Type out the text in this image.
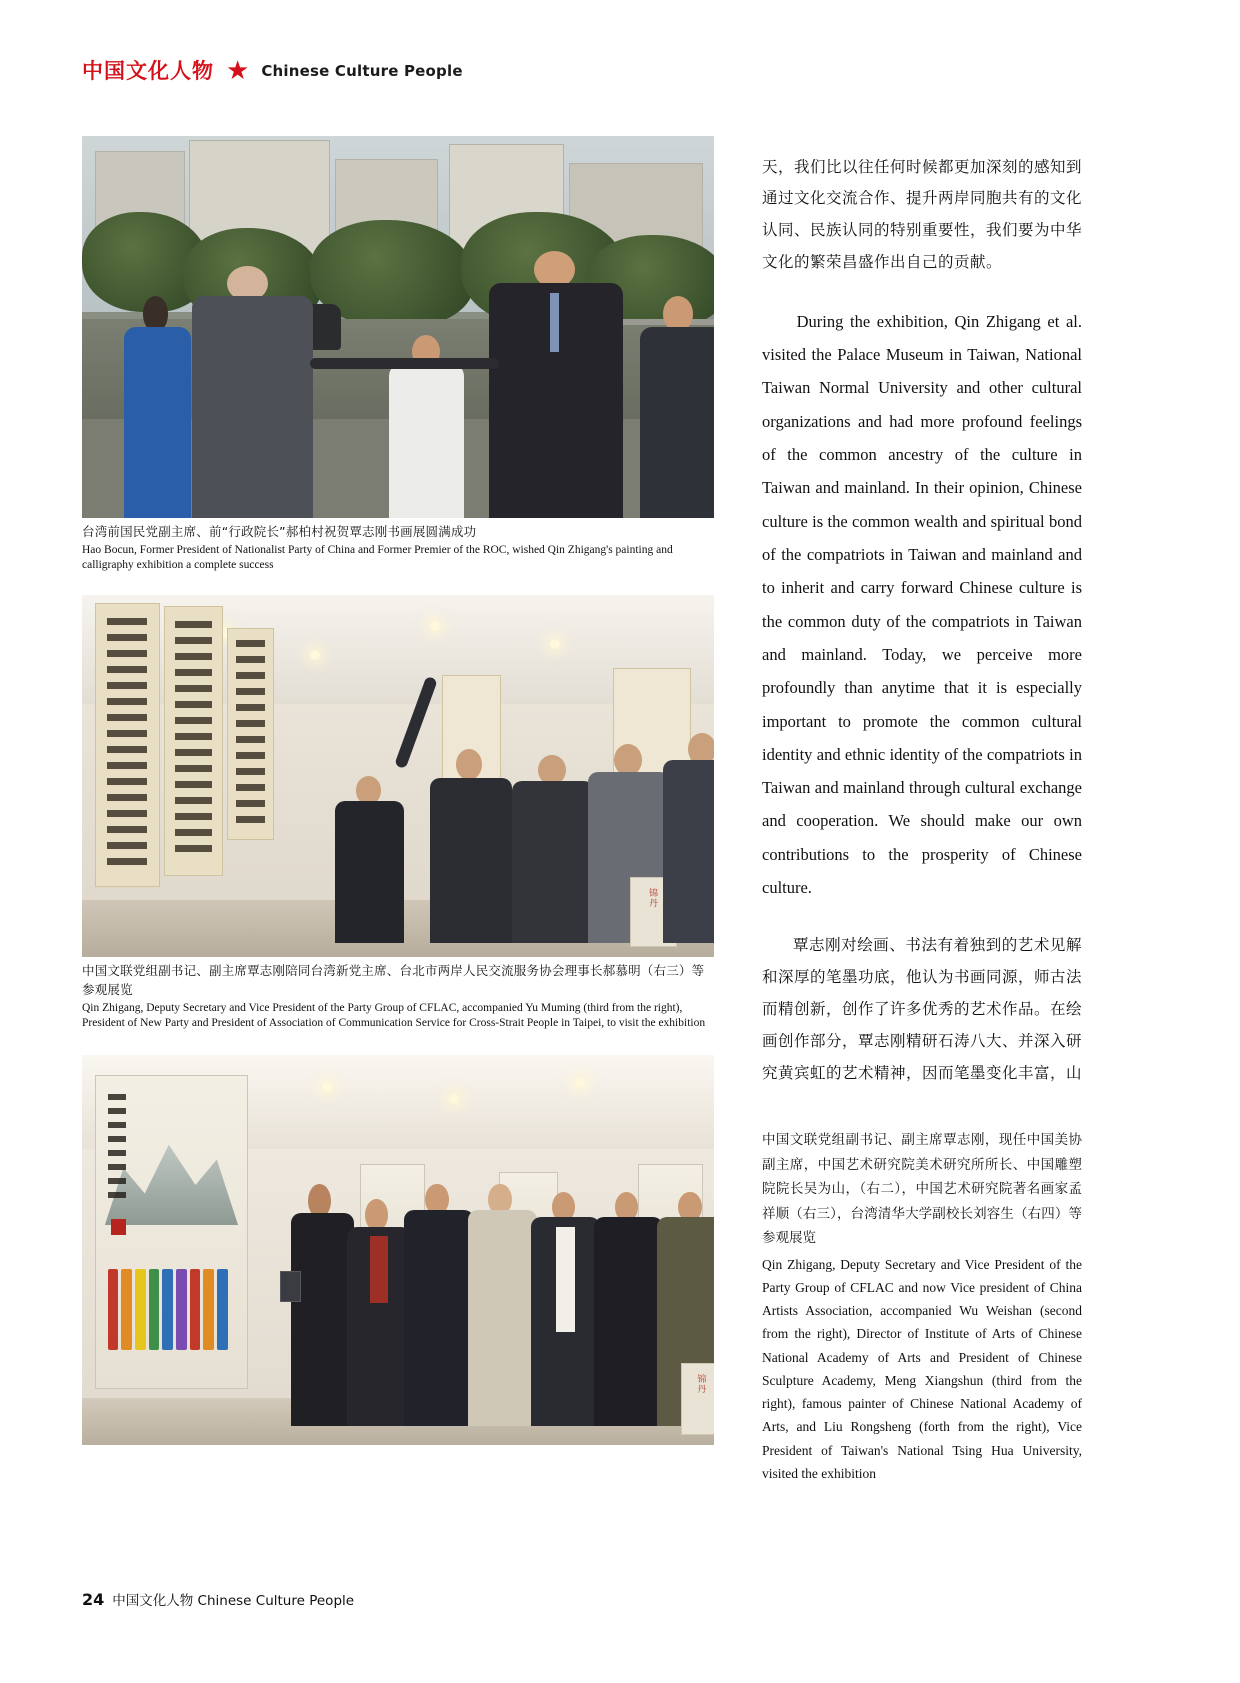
中国文化人物 ★ Chinese Culture People
台湾前国民党副主席、前“行政院长”郝柏村祝贺覃志刚书画展圆满成功
Hao Bocun, Former President of Nationalist Party of China and Former Premier of the ROC, wished Qin Zhigang's painting and calligraphy exhibition a complete success
锦
丹
中国文联党组副书记、副主席覃志刚陪同台湾新党主席、台北市两岸人民交流服务协会理事长郝慕明（右三）等参观展览
Qin Zhigang, Deputy Secretary and Vice President of the Party Group of CFLAC, accompanied Yu Muming (third from the right), President of New Party and President of Association of Communication Service for Cross-Strait People in Taipei, to visit the exhibition
锦
丹

天，我们比以往任何时候都更加深刻的感知到通过文化交流合作、提升两岸同胞共有的文化认同、民族认同的特别重要性，我们要为中华文化的繁荣昌盛作出自己的贡献。

During the exhibition, Qin Zhigang et al. visited the Palace Museum in Taiwan, National Taiwan Normal University and other cultural organizations and had more profound feelings of the common ancestry of the culture in Taiwan and mainland. In their opinion, Chinese culture is the common wealth and spiritual bond of the compatriots in Taiwan and mainland and to inherit and carry forward Chinese culture is the common duty of the compatriots in Taiwan and mainland. Today, we perceive more profoundly than anytime that it is especially important to promote the common cultural identity and ethnic identity of the compatriots in Taiwan and mainland through cultural exchange and cooperation. We should make our own contributions to the prosperity of Chinese culture.

覃志刚对绘画、书法有着独到的艺术见解和深厚的笔墨功底，他认为书画同源，师古法而精创新，创作了许多优秀的艺术作品。在绘画创作部分，覃志刚精研石涛八大、并深入研究黄宾虹的艺术精神，因而笔墨变化丰富，山

中国文联党组副书记、副主席覃志刚，现任中国美协副主席，中国艺术研究院美术研究所所长、中国雕塑院院长吴为山，（右二），中国艺术研究院著名画家孟祥顺（右三），台湾清华大学副校长刘容生（右四）等参观展览
Qin Zhigang, Deputy Secretary and Vice President of the Party Group of CFLAC and now Vice president of China Artists Association, accompanied Wu Weishan (second from the right), Director of Institute of Arts of Chinese National Academy of Arts and President of Chinese Sculpture Academy, Meng Xiangshun (third from the right), famous painter of Chinese National Academy of Arts, and Liu Rongsheng (forth from the right), Vice President of Taiwan's National Tsing Hua University, visited the exhibition
24 中国文化人物 Chinese Culture People
